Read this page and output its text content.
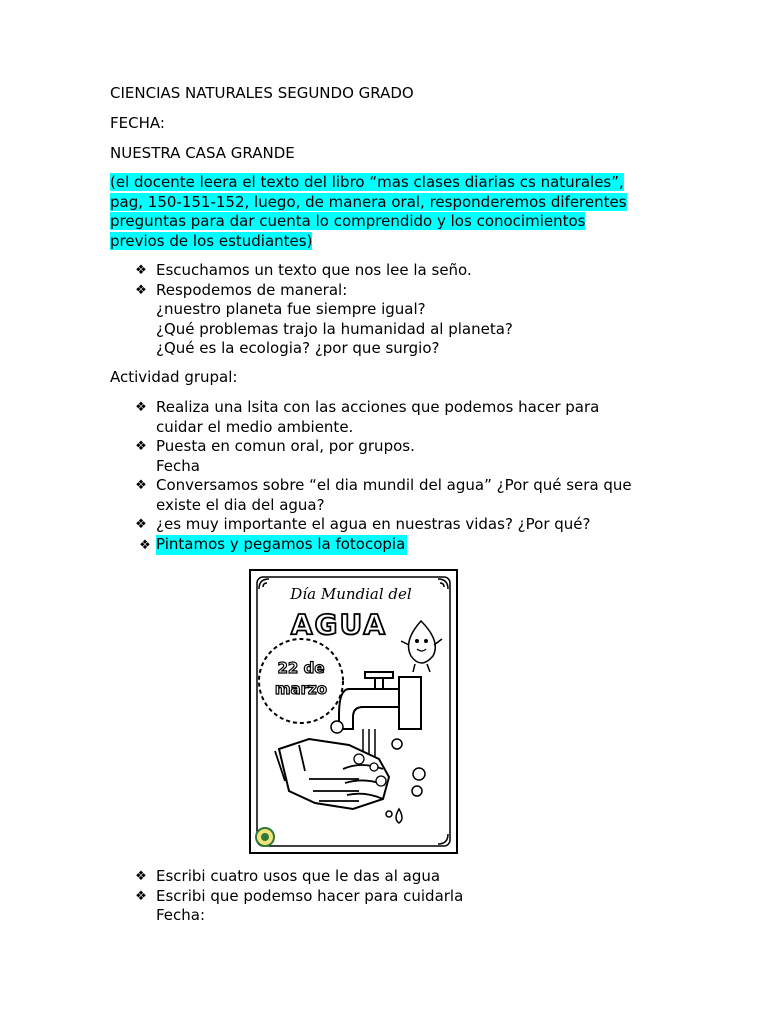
CIENCIAS NATURALES SEGUNDO GRADO
FECHA:
NUESTRA CASA GRANDE
(el docente leera el texto del libro “mas clases diarias cs naturales”,
pag, 150-151-152, luego, de manera oral, responderemos diferentes
preguntas para dar cuenta lo comprendido y los conocimientos
previos de los estudiantes)
❖ Escuchamos un texto que nos lee la seño.
❖ Respodemos de maneral:
¿nuestro planeta fue siempre igual?
¿Qué problemas trajo la humanidad al planeta?
¿Qué es la ecologia? ¿por que surgio?
Actividad grupal:
❖ Realiza una lsita con las acciones que podemos hacer para
cuidar el medio ambiente.
❖ Puesta en comun oral, por grupos.
Fecha
❖ Conversamos sobre “el dia mundil del agua” ¿Por qué sera que
existe el dia del agua?
❖ ¿es muy importante el agua en nuestras vidas? ¿Por qué?
❖ Pintamos y pegamos la fotocopia
Día Mundial del
AGUA
22 de
marzo
❖ Escribi cuatro usos que le das al agua
❖ Escribi que podemso hacer para cuidarla
Fecha:
